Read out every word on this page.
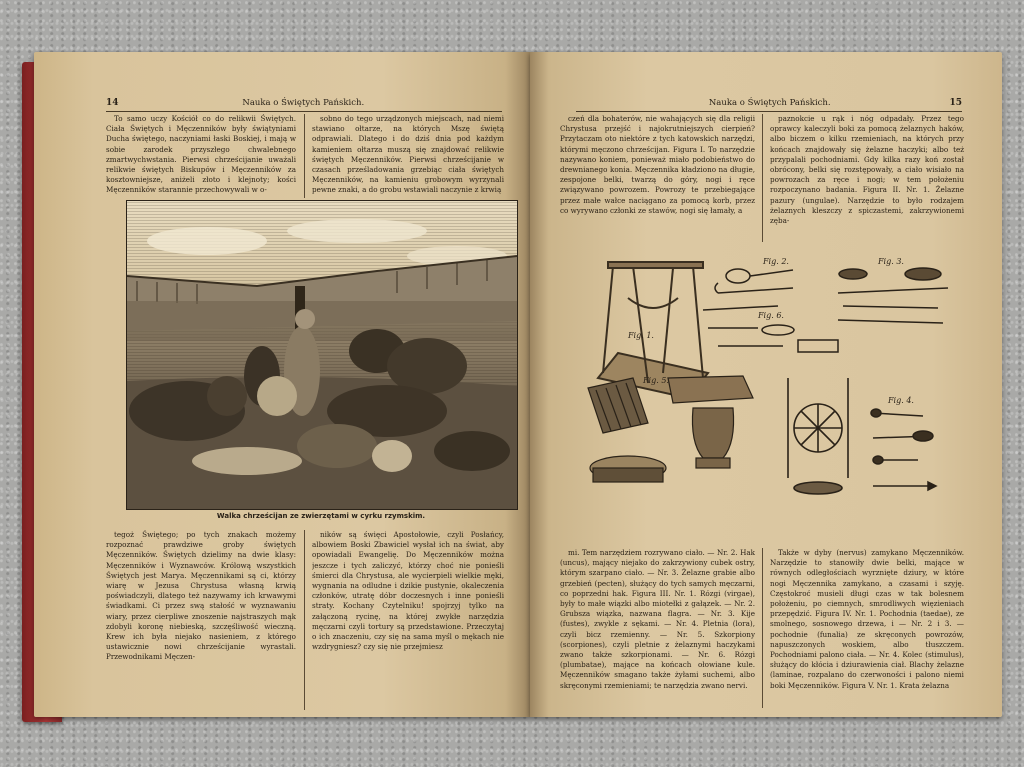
14	Nauka o Świętych Pańskich.

To samo uczy Kościół co do relikwii Świętych. Ciała Świętych i Męczenników były świątyniami Ducha świętego, naczyniami łaski Boskiej, i mają w sobie zarodek przyszłego chwalebnego zmartwychwstania. Pierwsi chrześcijanie uważali relikwie świętych Biskupów i Męczenników za kosztowniejsze, aniżeli złoto i klejnoty; kości Męczenników starannie przechowywali w o-

sobno do tego urządzonych miejscach, nad niemi stawiano ołtarze, na których Mszę świętą odprawiali. Dlatego i do dziś dnia pod każdym kamieniem ołtarza muszą się znajdować relikwie świętych Męczenników. Pierwsi chrześcijanie w czasach prześladowania grzebiąc ciała świętych Męczenników, na kamieniu grobowym wyrzynali pewne znaki, a do grobu wstawiali naczynie z krwią

Walka chrześcijan ze zwierzętami w cyrku rzymskim.

tegoż Świętego; po tych znakach możemy rozpoznać prawdziwe groby świętych Męczenników. Świętych dzielimy na dwie klasy: Męczenników i Wyznawców. Królową wszystkich Świętych jest Marya. Męczennikami są ci, którzy wiarę w Jezusa Chrystusa własną krwią poświadczyli, dlatego też nazywamy ich krwawymi świadkami. Ci przez swą stałość w wyznawaniu wiary, przez cierpliwe znoszenie najstraszych mąk zdobyli koronę niebieską, szczęśliwość wieczną. Krew ich była niejako nasieniem, z którego ustawicznie nowi chrześcijanie wyrastali. Przewodnikami Męczen-

ników są święci Apostołowie, czyli Posłańcy, albowiem Boski Zbawiciel wysłał ich na świat, aby opowiadali Ewangelię. Do Męczenników można jeszcze i tych zaliczyć, którzy choć nie ponieśli śmierci dla Chrystusa, ale wycierpieli wielkie męki, wygnania na odludne i dzikie pustynie, okaleczenia członków, utratę dóbr doczesnych i inne ponieśli straty. Kochany Czytelniku! spojrzyj tylko na załączoną rycinę, na której zwykłe narzędzia męczarni czyli tortury są przedstawione. Przeczytaj o ich znaczeniu, czy się na sama myśl o mękach nie wzdrygniesz? czy się nie przejmiesz

Nauka o Świętych Pańskich.	15

czeń dla bohaterów, nie wahających się dla religii Chrystusa przejść i najokrutniejszych cierpień? Przytaczam oto niektóre z tych katowskich narzędzi, którymi męczono chrześcijan. Figura I. To narzędzie nazywano koniem, ponieważ miało podobieństwo do drewnianego konia. Męczennika kładziono na długie, zespojone belki, twarzą do góry, nogi i ręce związywano powrozem. Powrozy te przebiegające przez małe wałce naciągano za pomocą korb, przez co wyrywano członki ze stawów, nogi się łamały, a

paznokcie u rąk i nóg odpadały. Przez tego oprawcy kaleczyli boki za pomocą żelaznych haków, albo biczem o kilku rzemieniach, na których przy końcach znajdowały się żelazne haczyki; albo też przypalali pochodniami. Gdy kilka razy koń został obrócony, belki się rozstępowały, a ciało wisiało na powrozach za ręce i nogi; w tem położeniu rozpoczynano badania. Figura II. Nr. 1. Żelazne pazury (ungulae). Narzędzie to było rodzajem żelaznych kleszczy z spiczastemi, zakrzywionemi zęba-

Fig. 1.
Fig. 2.	Fig. 3.
Fig. 6.
Fig. 5.
Fig. 4.

mi. Tem narzędziem rozrywano ciało. — Nr. 2. Hak (uncus), mający niejako do zakrzywiony cubek ostry, którym szarpano ciało. — Nr. 3. Żelazne grabie albo grzebień (pecten), służący do tych samych męczarni, co poprzedni hak. Figura III. Nr. 1. Rózgi (virgae), były to małe wiązki albo miotełki z gałązek. — Nr. 2. Grubsza wiązka, nazwana flagra. — Nr. 3. Kije (fustes), zwykle z sękami. — Nr. 4. Pletnia (lora), czyli bicz rzemienny. — Nr. 5. Szkorpiony (scorpiones), czyli pletnie z żelaznymi haczykami zwano także szkorpionami. — Nr. 6. Rózgi (plumbatae), mające na końcach ołowiane kule. Męczenników smagano także żyłami suchemi, albo skręconymi rzemieniami; te narzędzia zwano nervi.

Także w dyby (nervus) zamykano Męczenników. Narzędzie to stanowiły dwie belki, mające w równych odległościach wyrznięte dziury, w które nogi Męczennika zamykano, a czasami i szyję. Częstokroć musieli długi czas w tak bolesnem położeniu, po ciemnych, smrodliwych więzieniach przepędzić. Figura IV. Nr. 1. Pochodnia (taedae), ze smolnego, sosnowego drzewa, i — Nr. 2 i 3. — pochodnie (funalia) ze skręconych powrozów, napuszczonych woskiem, albo tłuszczem. Pochodniami palono ciała. — Nr. 4. Kolec (stimulus), służący do kłócia i dziurawienia ciał. Blachy żelazne (laminae, rozpalano do czerwoności i palono niemi boki Męczenników. Figura V. Nr. 1. Krata żelazna
